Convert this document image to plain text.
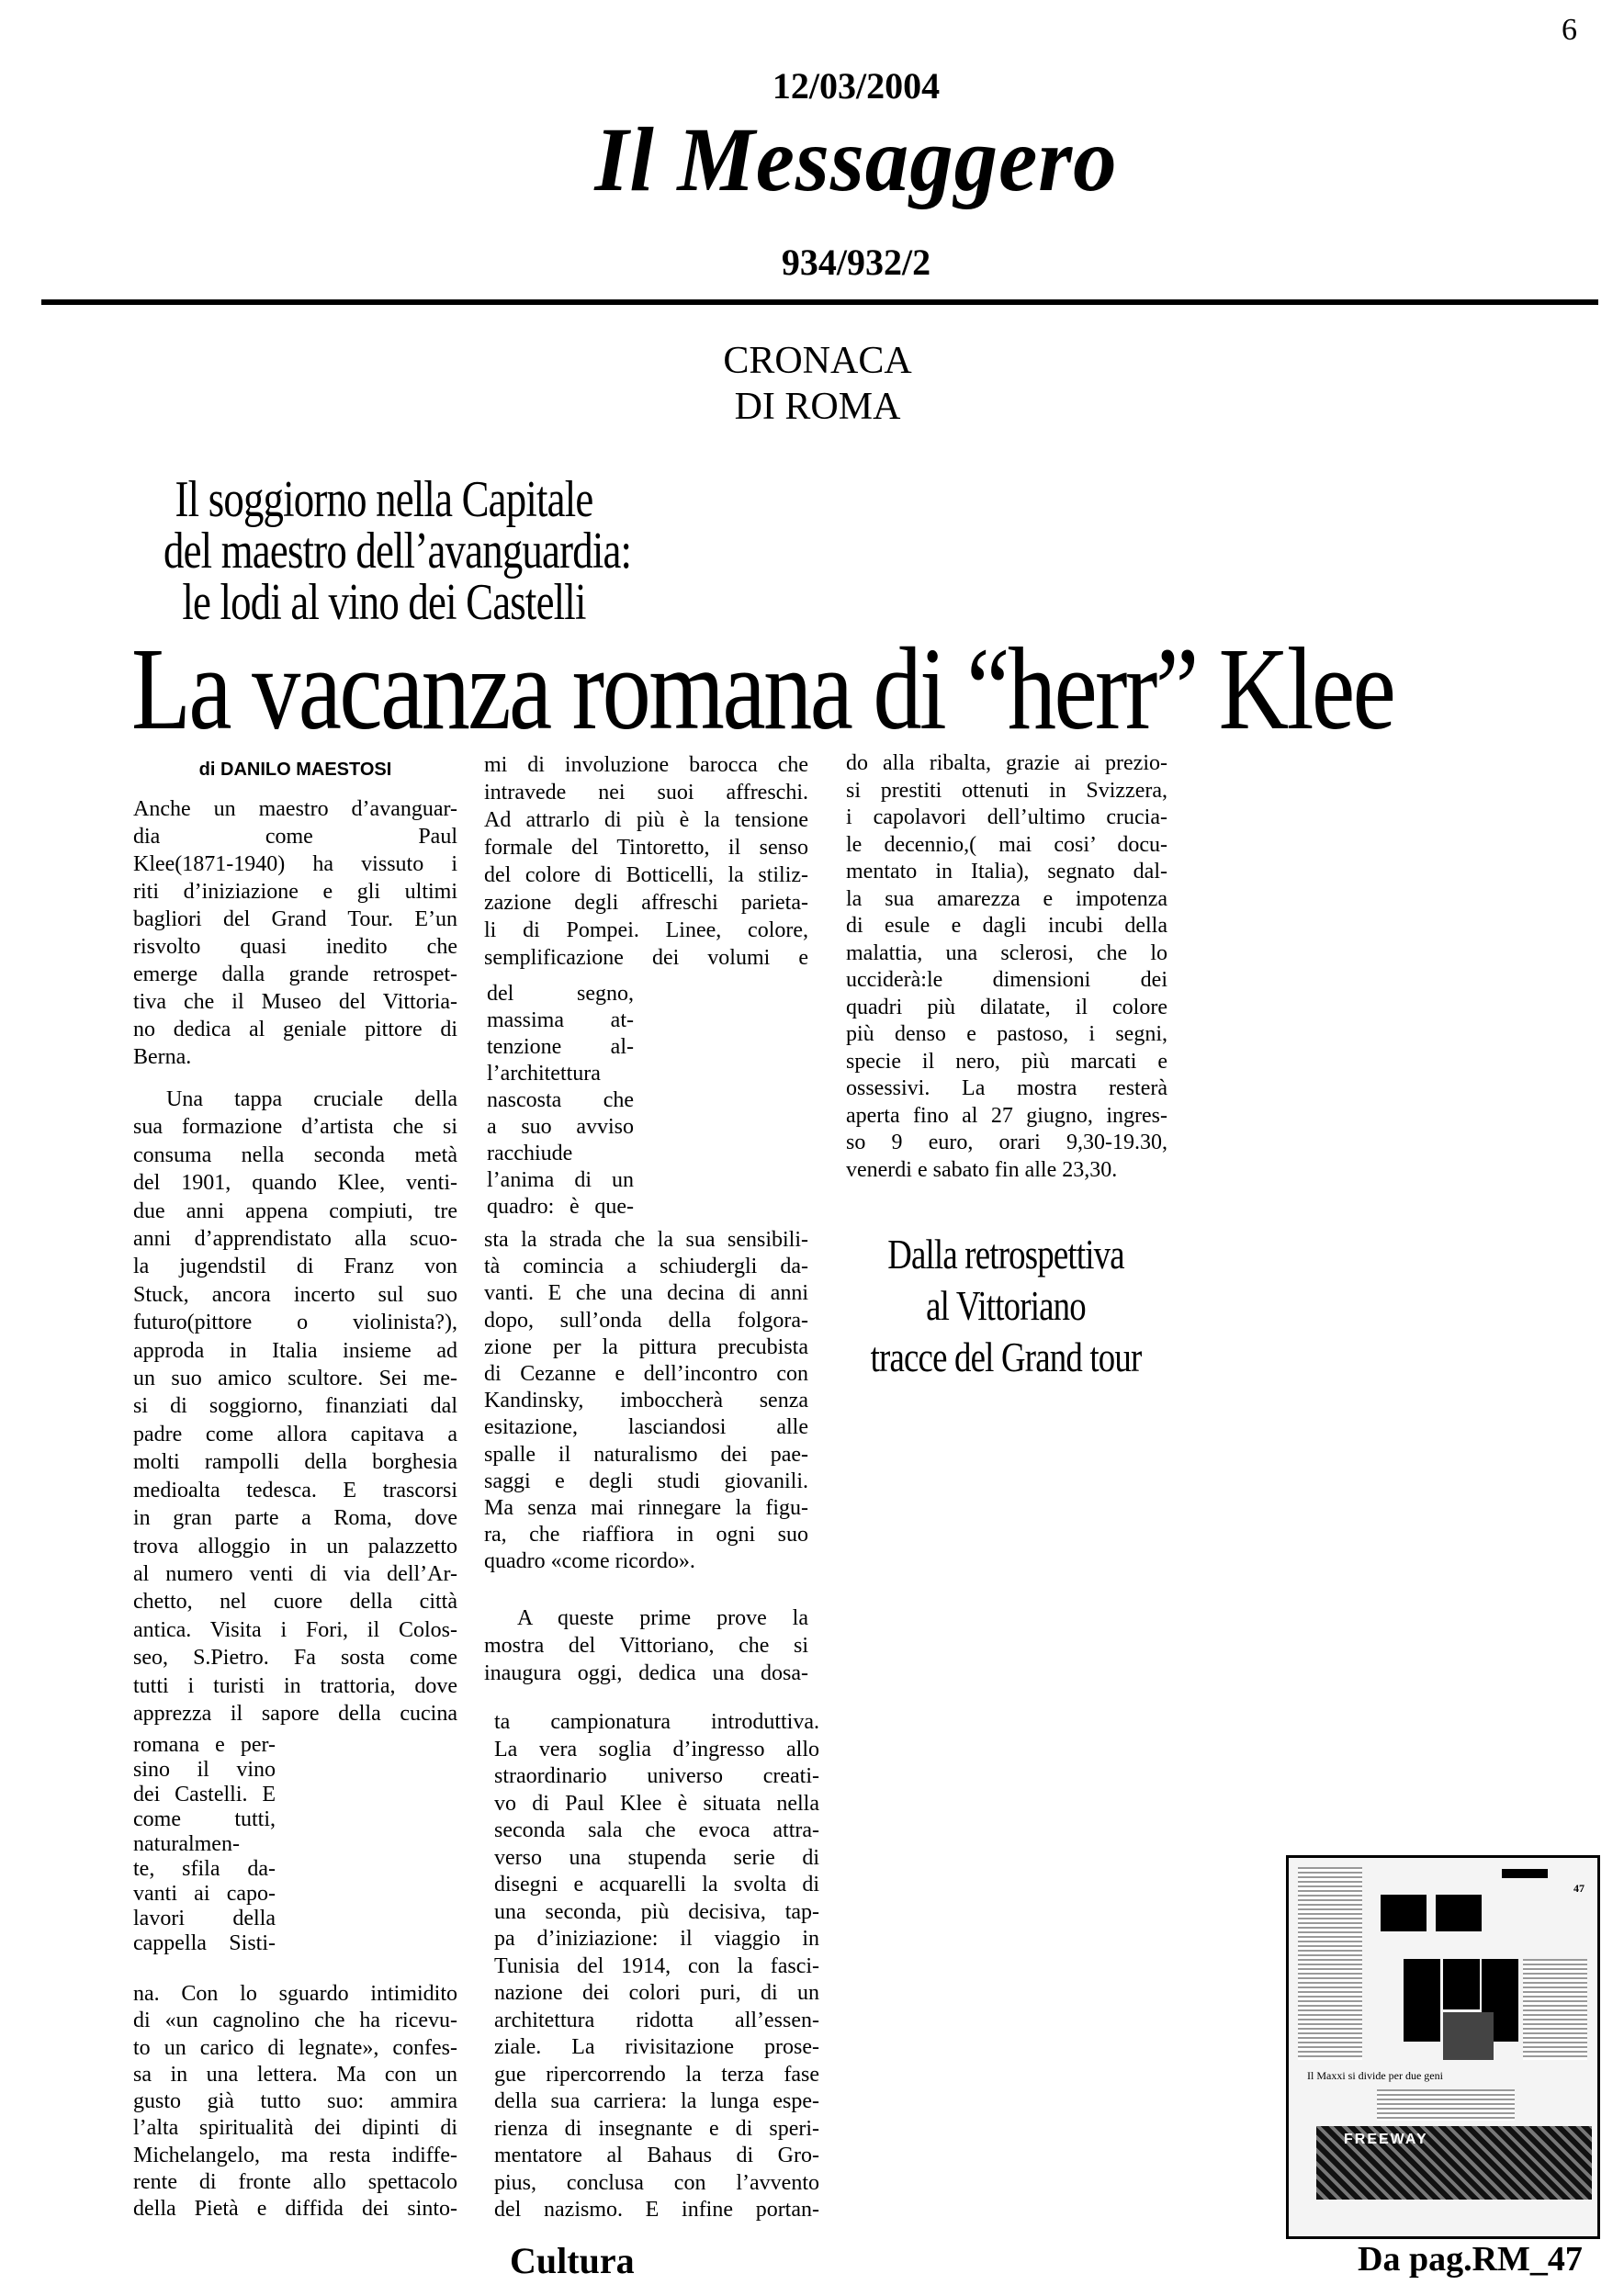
6
12/03/2004
Il Messaggero
934/932/2
CRONACA
DI ROMA
Il soggiorno nella Capitale
del maestro dell’avanguardia:
le lodi al vino dei Castelli
La vacanza romana di “herr” Klee
di DANILO MAESTOSI
Anche un maestro d’avanguar-
dia come Paul
Klee(1871-1940) ha vissuto i
riti d’iniziazione e gli ultimi
bagliori del Grand Tour. E’un
risvolto quasi inedito che
emerge dalla grande retrospet-
tiva che il Museo del Vittoria-
no dedica al geniale pittore di
Berna.
Una tappa cruciale della
sua formazione d’artista che si
consuma nella seconda metà
del 1901, quando Klee, venti-
due anni appena compiuti, tre
anni d’apprendistato alla scuo-
la jugendstil di Franz von
Stuck, ancora incerto sul suo
futuro(pittore o violinista?),
approda in Italia insieme ad
un suo amico scultore. Sei me-
si di soggiorno, finanziati dal
padre come allora capitava a
molti rampolli della borghesia
medioalta tedesca. E trascorsi
in gran parte a Roma, dove
trova alloggio in un palazzetto
al numero venti di via dell’Ar-
chetto, nel cuore della città
antica. Visita i Fori, il Colos-
seo, S.Pietro. Fa sosta come
tutti i turisti in trattoria, dove
apprezza il sapore della cucina
romana e per-
sino il vino
dei Castelli. E
come tutti,
naturalmen-
te, sfila da-
vanti ai capo-
lavori della
cappella Sisti-
na. Con lo sguardo intimidito
di «un cagnolino che ha ricevu-
to un carico di legnate», confes-
sa in una lettera. Ma con un
gusto già tutto suo: ammira
l’alta spiritualità dei dipinti di
Michelangelo, ma resta indiffe-
rente di fronte allo spettacolo
della Pietà e diffida dei sinto-
mi di involuzione barocca che
intravede nei suoi affreschi.
Ad attrarlo di più è la tensione
formale del Tintoretto, il senso
del colore di Botticelli, la stiliz-
zazione degli affreschi parieta-
li di Pompei. Linee, colore,
semplificazione dei volumi e
del segno,
massima at-
tenzione al-
l’architettura
nascosta che
a suo avviso
racchiude
l’anima di un
quadro: è que-
sta la strada che la sua sensibili-
tà comincia a schiudergli da-
vanti. E che una decina di anni
dopo, sull’onda della folgora-
zione per la pittura precubista
di Cezanne e dell’incontro con
Kandinsky, imboccherà senza
esitazione, lasciandosi alle
spalle il naturalismo dei pae-
saggi e degli studi giovanili.
Ma senza mai rinnegare la figu-
ra, che riaffiora in ogni suo
quadro «come ricordo».
A queste prime prove la
mostra del Vittoriano, che si
inaugura oggi, dedica una dosa-
ta campionatura introduttiva.
La vera soglia d’ingresso allo
straordinario universo creati-
vo di Paul Klee è situata nella
seconda sala che evoca attra-
verso una stupenda serie di
disegni e acquarelli la svolta di
una seconda, più decisiva, tap-
pa d’iniziazione: il viaggio in
Tunisia del 1914, con la fasci-
nazione dei colori puri, di un
architettura ridotta all’essen-
ziale. La rivisitazione prose-
gue ripercorrendo la terza fase
della sua carriera: la lunga espe-
rienza di insegnante e di speri-
mentatore al Bahaus di Gro-
pius, conclusa con l’avvento
del nazismo. E infine portan-
do alla ribalta, grazie ai prezio-
si prestiti ottenuti in Svizzera,
i capolavori dell’ultimo crucia-
le decennio,( mai cosi’ docu-
mentato in Italia), segnato dal-
la sua amarezza e impotenza
di esule e dagli incubi della
malattia, una sclerosi, che lo
ucciderà:le dimensioni dei
quadri più dilatate, il colore
più denso e pastoso, i segni,
specie il nero, più marcati e
ossessivi. La mostra resterà
aperta fino al 27 giugno, ingres-
so 9 euro, orari 9,30-19.30,
venerdi e sabato fin alle 23,30.
Dalla retrospettiva
al Vittoriano
tracce del Grand tour
47
Il Maxxi si divide per due geni
FREEWAY
Cultura	Da pag.RM_47
